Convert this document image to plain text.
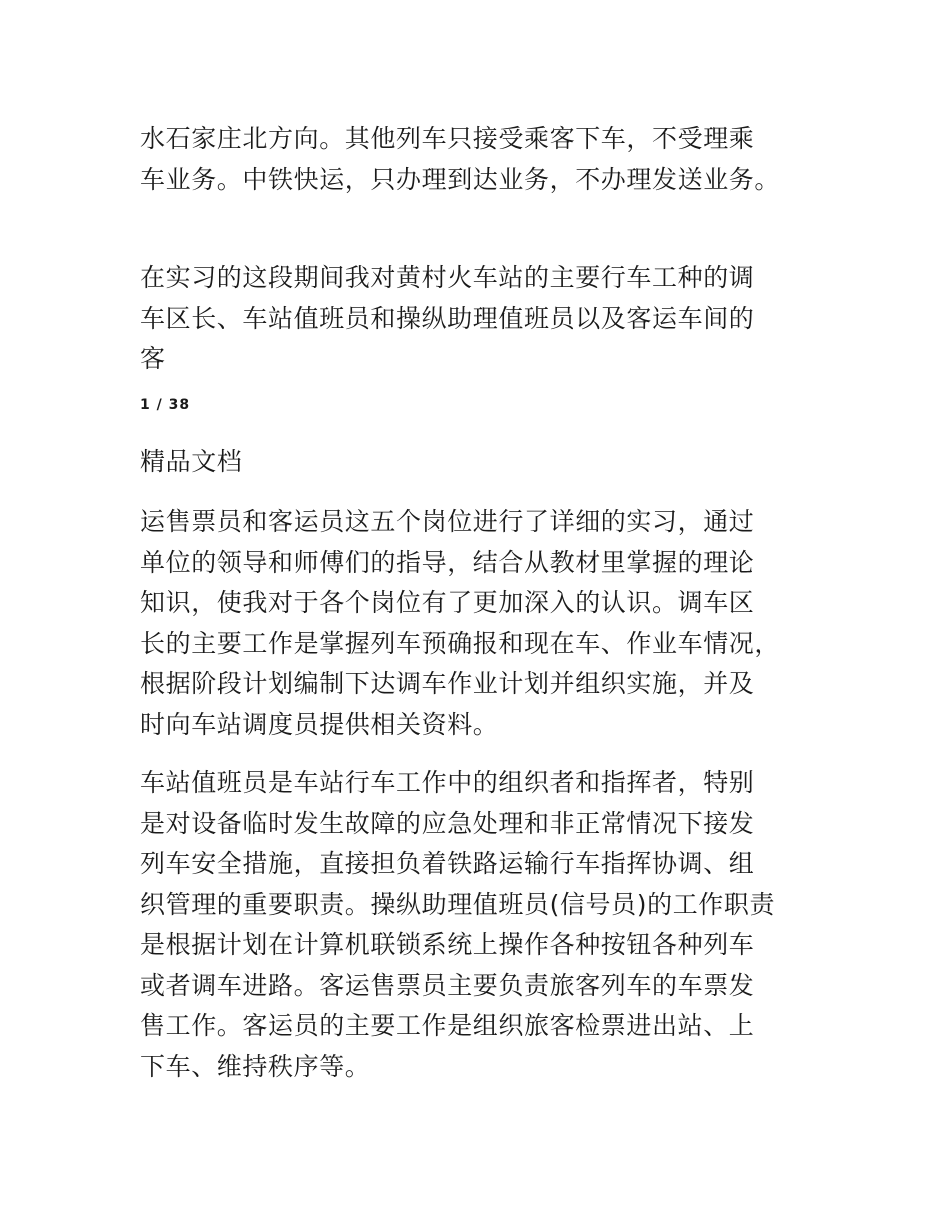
水石家庄北方向。其他列车只接受乘客下车，不受理乘
车业务。中铁快运，只办理到达业务，不办理发送业务。
在实习的这段期间我对黄村火车站的主要行车工种的调
车区长、车站值班员和操纵助理值班员以及客运车间的
客
1 / 38
精品文档
运售票员和客运员这五个岗位进行了详细的实习，通过
单位的领导和师傅们的指导，结合从教材里掌握的理论
知识，使我对于各个岗位有了更加深入的认识。调车区
长的主要工作是掌握列车预确报和现在车、作业车情况，
根据阶段计划编制下达调车作业计划并组织实施，并及
时向车站调度员提供相关资料。
车站值班员是车站行车工作中的组织者和指挥者，特别
是对设备临时发生故障的应急处理和非正常情况下接发
列车安全措施，直接担负着铁路运输行车指挥协调、组
织管理的重要职责。操纵助理值班员(信号员)的工作职责
是根据计划在计算机联锁系统上操作各种按钮各种列车
或者调车进路。客运售票员主要负责旅客列车的车票发
售工作。客运员的主要工作是组织旅客检票进出站、上
下车、维持秩序等。
